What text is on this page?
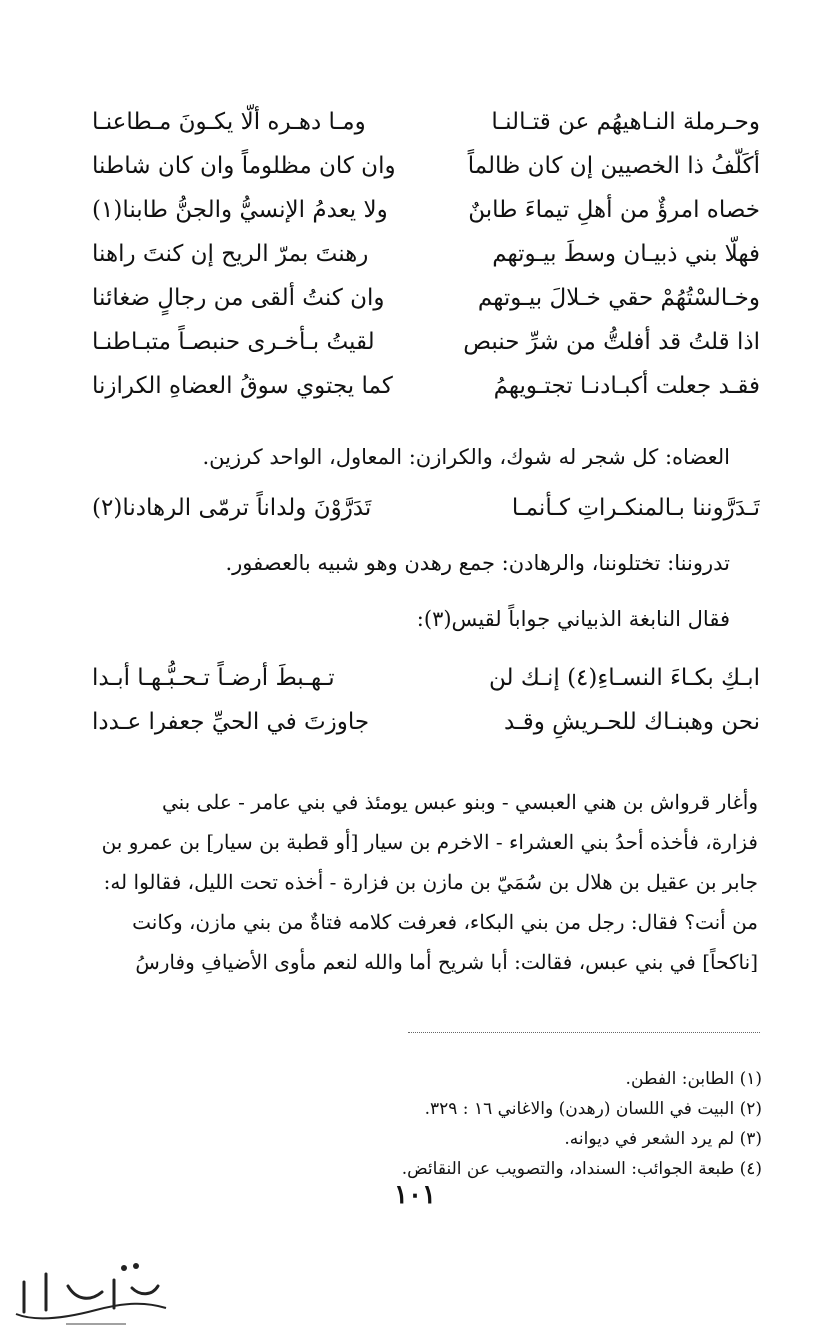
وحـرملة النـاهيهُم عن قتـالنـا
ومـا دهـره ألّا يكـونَ مـطاعنـا
أكَلّفُ ذا الخصيين إن كان ظالماً
وان كان مظلوماً وان كان شاطنا
خصاه امرؤٌ من أهلِ تيماءَ طابنٌ
ولا يعدمُ الإنسيُّ والجنُّ طابنا(١)
فهلّا بني ذبيـان وسطَ بيـوتهم
رهنتَ بمرّ الريح إن كنتَ راهنا
وخـالسْتُهُمْ حقي خـلالَ بيـوتهم
وان كنتُ ألقى من رجالٍ ضغائنا
اذا قلتُ قد أفلتُّ من شرِّ حنبص
لقيتُ بـأخـرى حنبصـاً متبـاطنـا
فقـد جعلت أكبـادنـا تجتـويهمُ
كما يجتوي سوقُ العضاهِ الكرازنا
العضاه: كل شجر له شوك، والكرازن: المعاول، الواحد كرزين.
تَـدَرَّوننا بـالمنكـراتِ كـأنمـا
تَدَرَّوْنَ ولداناً ترمّى الرهادنا(٢)
تدروننا: تختلوننا، والرهادن: جمع رهدن وهو شبيه بالعصفور.
فقال النابغة الذبياني جواباً لقيس(٣):
ابـكِ بكـاءَ النسـاءِ(٤) إنـك لن
تـهـبطَ أرضـاً تـحـبُّـهـا أبـدا
نحن وهبنـاك للحـريشِ وقـد
جاوزتَ في الحيِّ جعفرا عـددا

وأغار قرواش بن هني العبسي - وبنو عبس يومئذ في بني عامر - على بني

فزارة، فأخذه أحدُ بني العشراء - الاخرم بن سيار [أو قطبة بن سيار] بن عمرو بن

جابر بن عقيل بن هلال بن سُمَيّ بن مازن بن فزارة - أخذه تحت الليل، فقالوا له:

من أنت؟ فقال: رجل من بني البكاء، فعرفت كلامه فتاةٌ من بني مازن، وكانت

[ناكحاً] في بني عبس، فقالت: أبا شريح أما والله لنعم مأوى الأضيافِ وفارسُ

(١) الطابن: الفطن.
(٢) البيت في اللسان (رهدن) والاغاني ١٦ : ٣٢٩.
(٣) لم يرد الشعر في ديوانه.
(٤) طبعة الجوائب: السنداد، والتصويب عن النقائض.
١٠١
